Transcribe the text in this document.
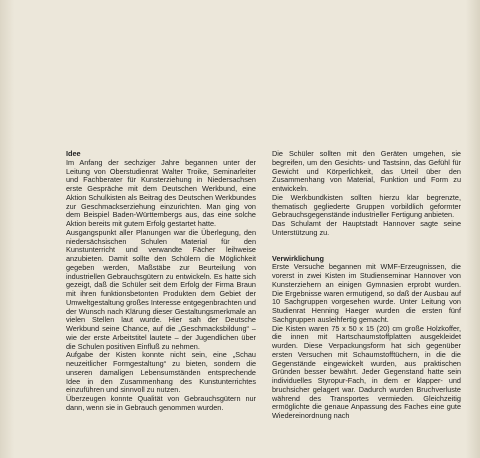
Idee

Im Anfang der sechziger Jahre begannen unter der Leitung von Oberstudienrat Walter Troike, Seminarleiter und Fachberater für Kunsterziehung in Niedersachsen erste Gespräche mit dem Deutschen Werkbund, eine Aktion Schulkisten als Beitrag des Deutschen Werkbundes zur Geschmackserziehung einzurichten. Man ging von dem Beispiel Baden-Württembergs aus, das eine solche Aktion bereits mit gutem Erfolg gestartet hatte.

Ausgangspunkt aller Planungen war die Überlegung, den niedersächsischen Schulen Material für den Kunstunterricht und verwandte Fächer leihweise anzubieten. Damit sollte den Schülern die Möglichkeit gegeben werden, Maßstäbe zur Beurteilung von industriellen Gebrauchsgütern zu entwickeln. Es hatte sich gezeigt, daß die Schüler seit dem Erfolg der Firma Braun mit ihren funktionsbetonten Produkten dem Gebiet der Umweltgestaltung großes Interesse entgegenbrachten und der Wunsch nach Klärung dieser Gestaltungsmerkmale an vielen Stellen laut wurde. Hier sah der Deutsche Werkbund seine Chance, auf die „Geschmacksbildung“ – wie der erste Arbeitstitel lautete – der Jugendlichen über die Schulen positiven Einfluß zu nehmen.

Aufgabe der Kisten konnte nicht sein, eine „Schau neuzeitlicher Formgestaltung“ zu bieten, sondern die unseren damaligen Lebensumständen entsprechende Idee in den Zusammenhang des Kunstunterrichtes einzuführen und sinnvoll zu nutzen.

Überzeugen konnte Qualität von Gebrauchsgütern nur dann, wenn sie in Gebrauch genommen wurden.

Die Schüler sollten mit den Geräten umgehen, sie begreifen, um den Gesichts- und Tastsinn, das Gefühl für Gewicht und Körperlichkeit, das Urteil über den Zusammenhang von Material, Funktion und Form zu entwickeln.

Die Werkbundkisten sollten hierzu klar begrenzte, thematisch gegliederte Gruppen vorbildlich geformter Gebrauchsgegenstände industrieller Fertigung anbieten.

Das Schulamt der Hauptstadt Hannover sagte seine Unterstützung zu.

Verwirklichung

Erste Versuche begannen mit WMF-Erzeugnissen, die vorerst in zwei Kisten im Studienseminar Hannover von Kunsterziehern an einigen Gymnasien erprobt wurden. Die Ergebnisse waren ermutigend, so daß der Ausbau auf 10 Sachgruppen vorgesehen wurde. Unter Leitung von Studienrat Henning Haeger wurden die ersten fünf Sachgruppen ausleihfertig gemacht.

Die Kisten waren 75 x 50 x 15 (20) cm große Holzkoffer, die innen mit Hartschaumstoffplatten ausgekleidet wurden. Diese Verpackungsform hat sich gegenüber ersten Versuchen mit Schaumstofftüchern, in die die Gegenstände eingewickelt wurden, aus praktischen Gründen besser bewährt. Jeder Gegenstand hatte sein individuelles Styropur-Fach, in dem er klapper- und bruchsicher gelagert war. Dadurch wurden Bruchverluste während des Transportes vermieden. Gleichzeitig ermöglichte die genaue Anpassung des Faches eine gute Wiedereinordnung nach
